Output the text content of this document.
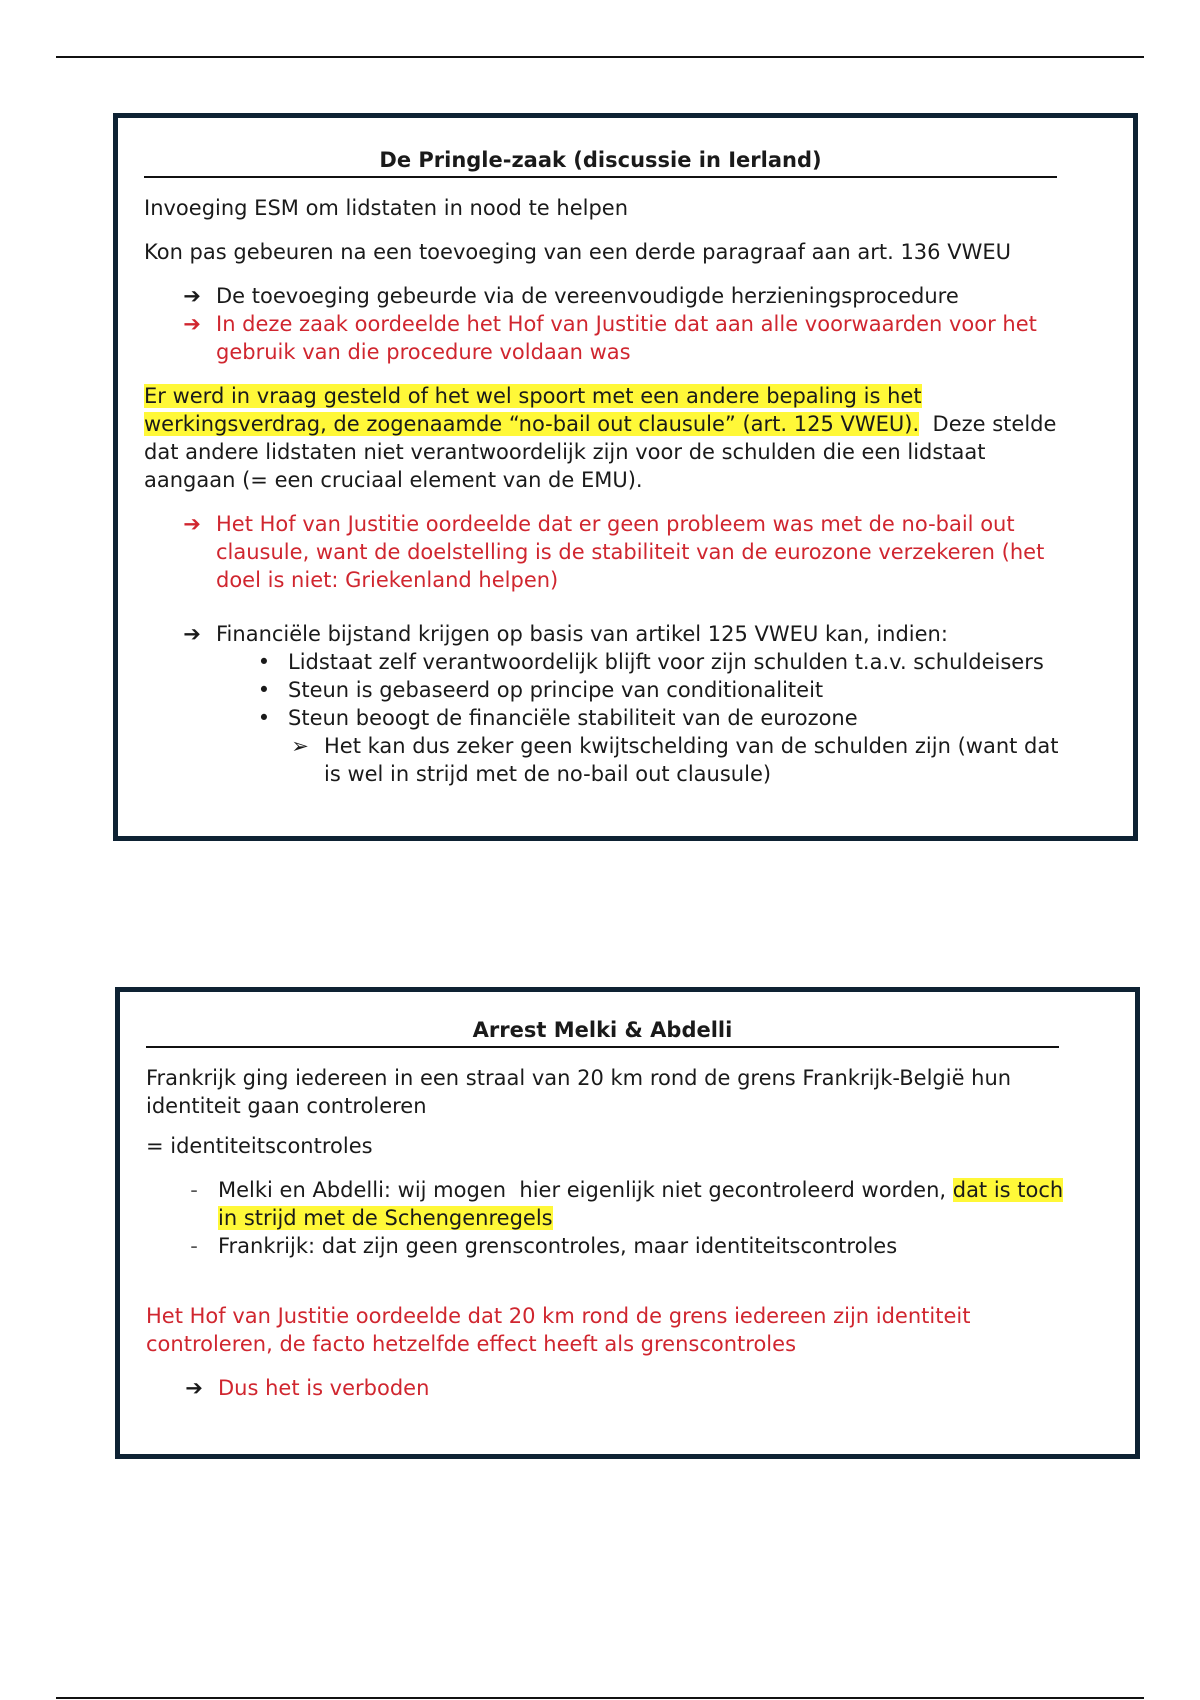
De Pringle-zaak (discussie in Ierland)

Invoeging ESM om lidstaten in nood te helpen

Kon pas gebeuren na een toevoeging van een derde paragraaf aan art. 136 VWEU

➔ De toevoeging gebeurde via de vereenvoudigde herzieningsprocedure

➔ In deze zaak oordeelde het Hof van Justitie dat aan alle voorwaarden voor het gebruik van die procedure voldaan was

Er werd in vraag gesteld of het wel spoort met een andere bepaling is het werkingsverdrag, de zogenaamde “no-bail out clausule” (art. 125 VWEU).  Deze stelde dat andere lidstaten niet verantwoordelijk zijn voor de schulden die een lidstaat aangaan (= een cruciaal element van de EMU).

➔ Het Hof van Justitie oordeelde dat er geen probleem was met de no-bail out clausule, want de doelstelling is de stabiliteit van de eurozone verzekeren (het doel is niet: Griekenland helpen)

➔ Financiële bijstand krijgen op basis van artikel 125 VWEU kan, indien:

• Lidstaat zelf verantwoordelijk blijft voor zijn schulden t.a.v. schuldeisers

• Steun is gebaseerd op principe van conditionaliteit

• Steun beoogt de financiële stabiliteit van de eurozone

➢ Het kan dus zeker geen kwijtschelding van de schulden zijn (want dat is wel in strijd met de no-bail out clausule)

Arrest Melki & Abdelli

Frankrijk ging iedereen in een straal van 20 km rond de grens Frankrijk-België hun identiteit gaan controleren

= identiteitscontroles

- Melki en Abdelli: wij mogen  hier eigenlijk niet gecontroleerd worden, dat is toch in strijd met de Schengenregels

- Frankrijk: dat zijn geen grenscontroles, maar identiteitscontroles

Het Hof van Justitie oordeelde dat 20 km rond de grens iedereen zijn identiteit controleren, de facto hetzelfde effect heeft als grenscontroles

➔ Dus het is verboden
